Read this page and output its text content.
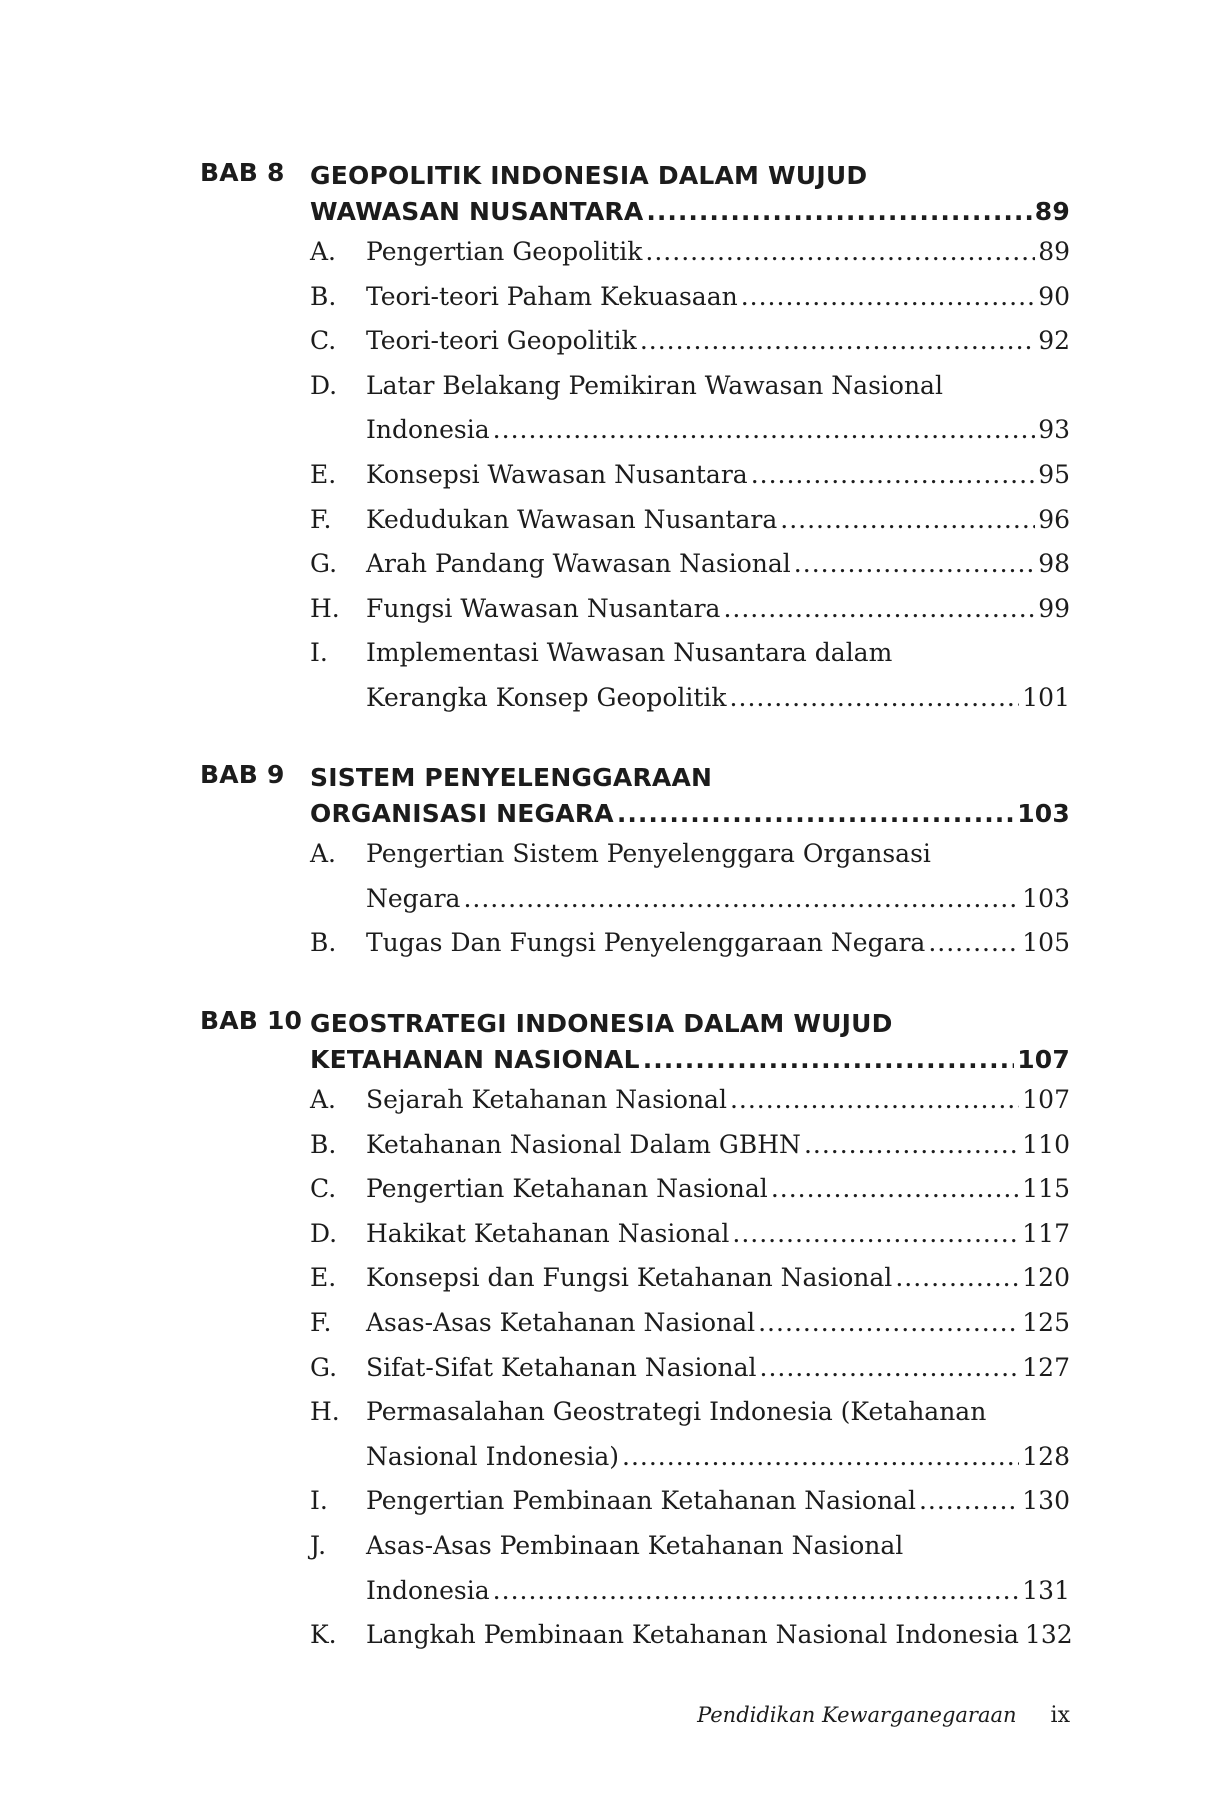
BAB 8 GEOPOLITIK INDONESIA DALAM WUJUD
WAWASAN NUSANTARA .....	89
A. Pengertian Geopolitik .....	89
B. Teori-teori Paham Kekuasaan .....	90
C. Teori-teori Geopolitik .....	92
D. Latar Belakang Pemikiran Wawasan Nasional
Indonesia .....	93
E. Konsepsi Wawasan Nusantara .....	95
F. Kedudukan Wawasan Nusantara .....	96
G. Arah Pandang Wawasan Nasional .....	98
H. Fungsi Wawasan Nusantara .....	99
I. Implementasi Wawasan Nusantara dalam
Kerangka Konsep Geopolitik .....	101
BAB 9 SISTEM PENYELENGGARAAN
ORGANISASI NEGARA .....	103
A. Pengertian Sistem Penyelenggara Organsasi
Negara .....	103
B. Tugas Dan Fungsi Penyelenggaraan Negara .....	105
BAB 10 GEOSTRATEGI INDONESIA DALAM WUJUD
KETAHANAN NASIONAL .....	107
A. Sejarah Ketahanan Nasional .....	107
B. Ketahanan Nasional Dalam GBHN .....	110
C. Pengertian Ketahanan Nasional .....	115
D. Hakikat Ketahanan Nasional .....	117
E. Konsepsi dan Fungsi Ketahanan Nasional .....	120
F. Asas-Asas Ketahanan Nasional .....	125
G. Sifat-Sifat Ketahanan Nasional .....	127
H. Permasalahan Geostrategi Indonesia (Ketahanan
Nasional Indonesia) .....	128
I. Pengertian Pembinaan Ketahanan Nasional .....	130
J. Asas-Asas Pembinaan Ketahanan Nasional
Indonesia .....	131
K. Langkah Pembinaan Ketahanan Nasional Indonesia 132
Pendidikan Kewarganegaraan ix
